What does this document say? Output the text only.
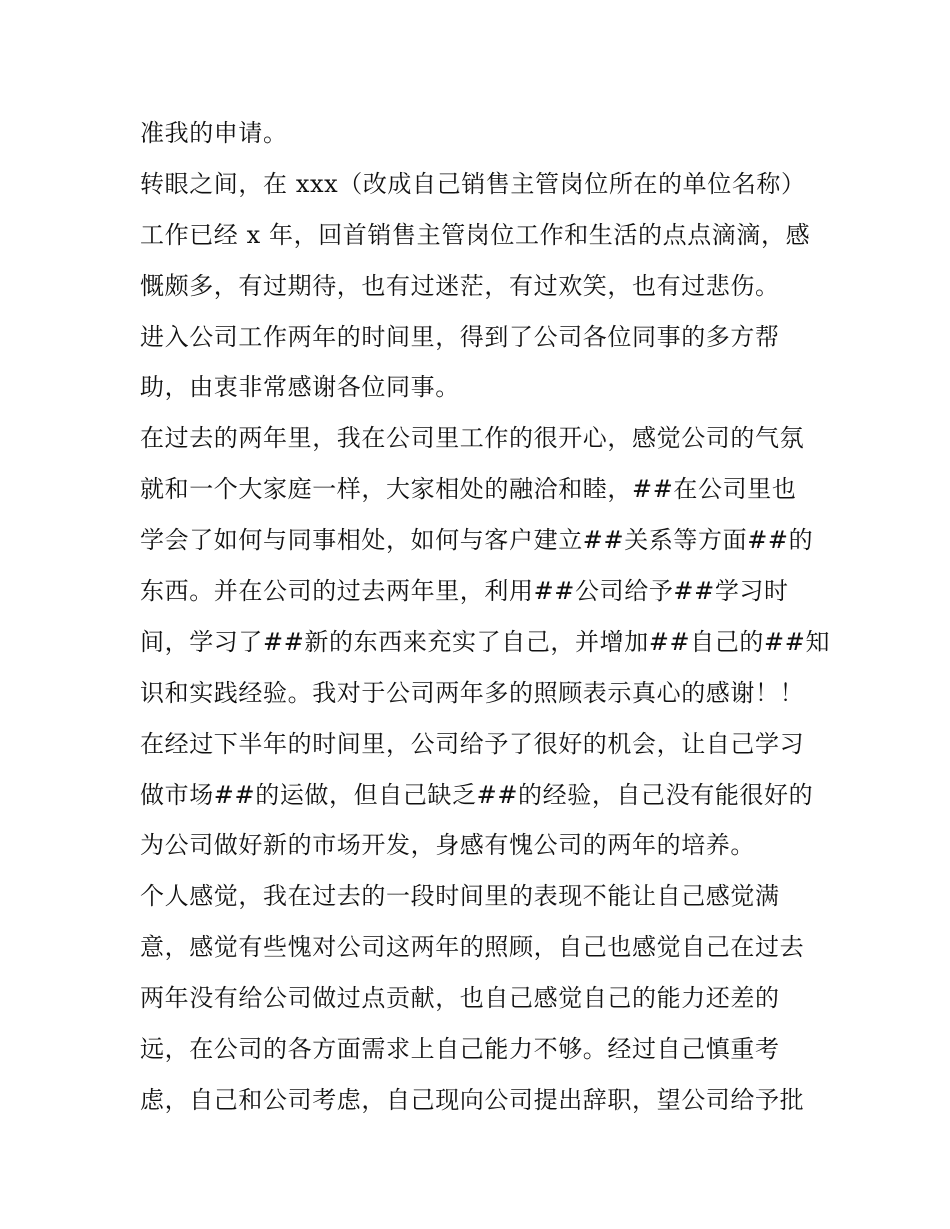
准我的申请。
转眼之间，在 xxx（改成自己销售主管岗位所在的单位名称）
工作已经 x 年，回首销售主管岗位工作和生活的点点滴滴，感
慨颇多，有过期待，也有过迷茫，有过欢笑，也有过悲伤。
进入公司工作两年的时间里，得到了公司各位同事的多方帮
助，由衷非常感谢各位同事。
在过去的两年里，我在公司里工作的很开心，感觉公司的气氛
就和一个大家庭一样，大家相处的融洽和睦，##在公司里也
学会了如何与同事相处，如何与客户建立##关系等方面##的
东西。并在公司的过去两年里，利用##公司给予##学习时
间，学习了##新的东西来充实了自己，并增加##自己的##知
识和实践经验。我对于公司两年多的照顾表示真心的感谢！！
在经过下半年的时间里，公司给予了很好的机会，让自己学习
做市场##的运做，但自己缺乏##的经验，自己没有能很好的
为公司做好新的市场开发，身感有愧公司的两年的培养。
个人感觉，我在过去的一段时间里的表现不能让自己感觉满
意，感觉有些愧对公司这两年的照顾，自己也感觉自己在过去
两年没有给公司做过点贡献，也自己感觉自己的能力还差的
远，在公司的各方面需求上自己能力不够。经过自己慎重考
虑，自己和公司考虑，自己现向公司提出辞职，望公司给予批
